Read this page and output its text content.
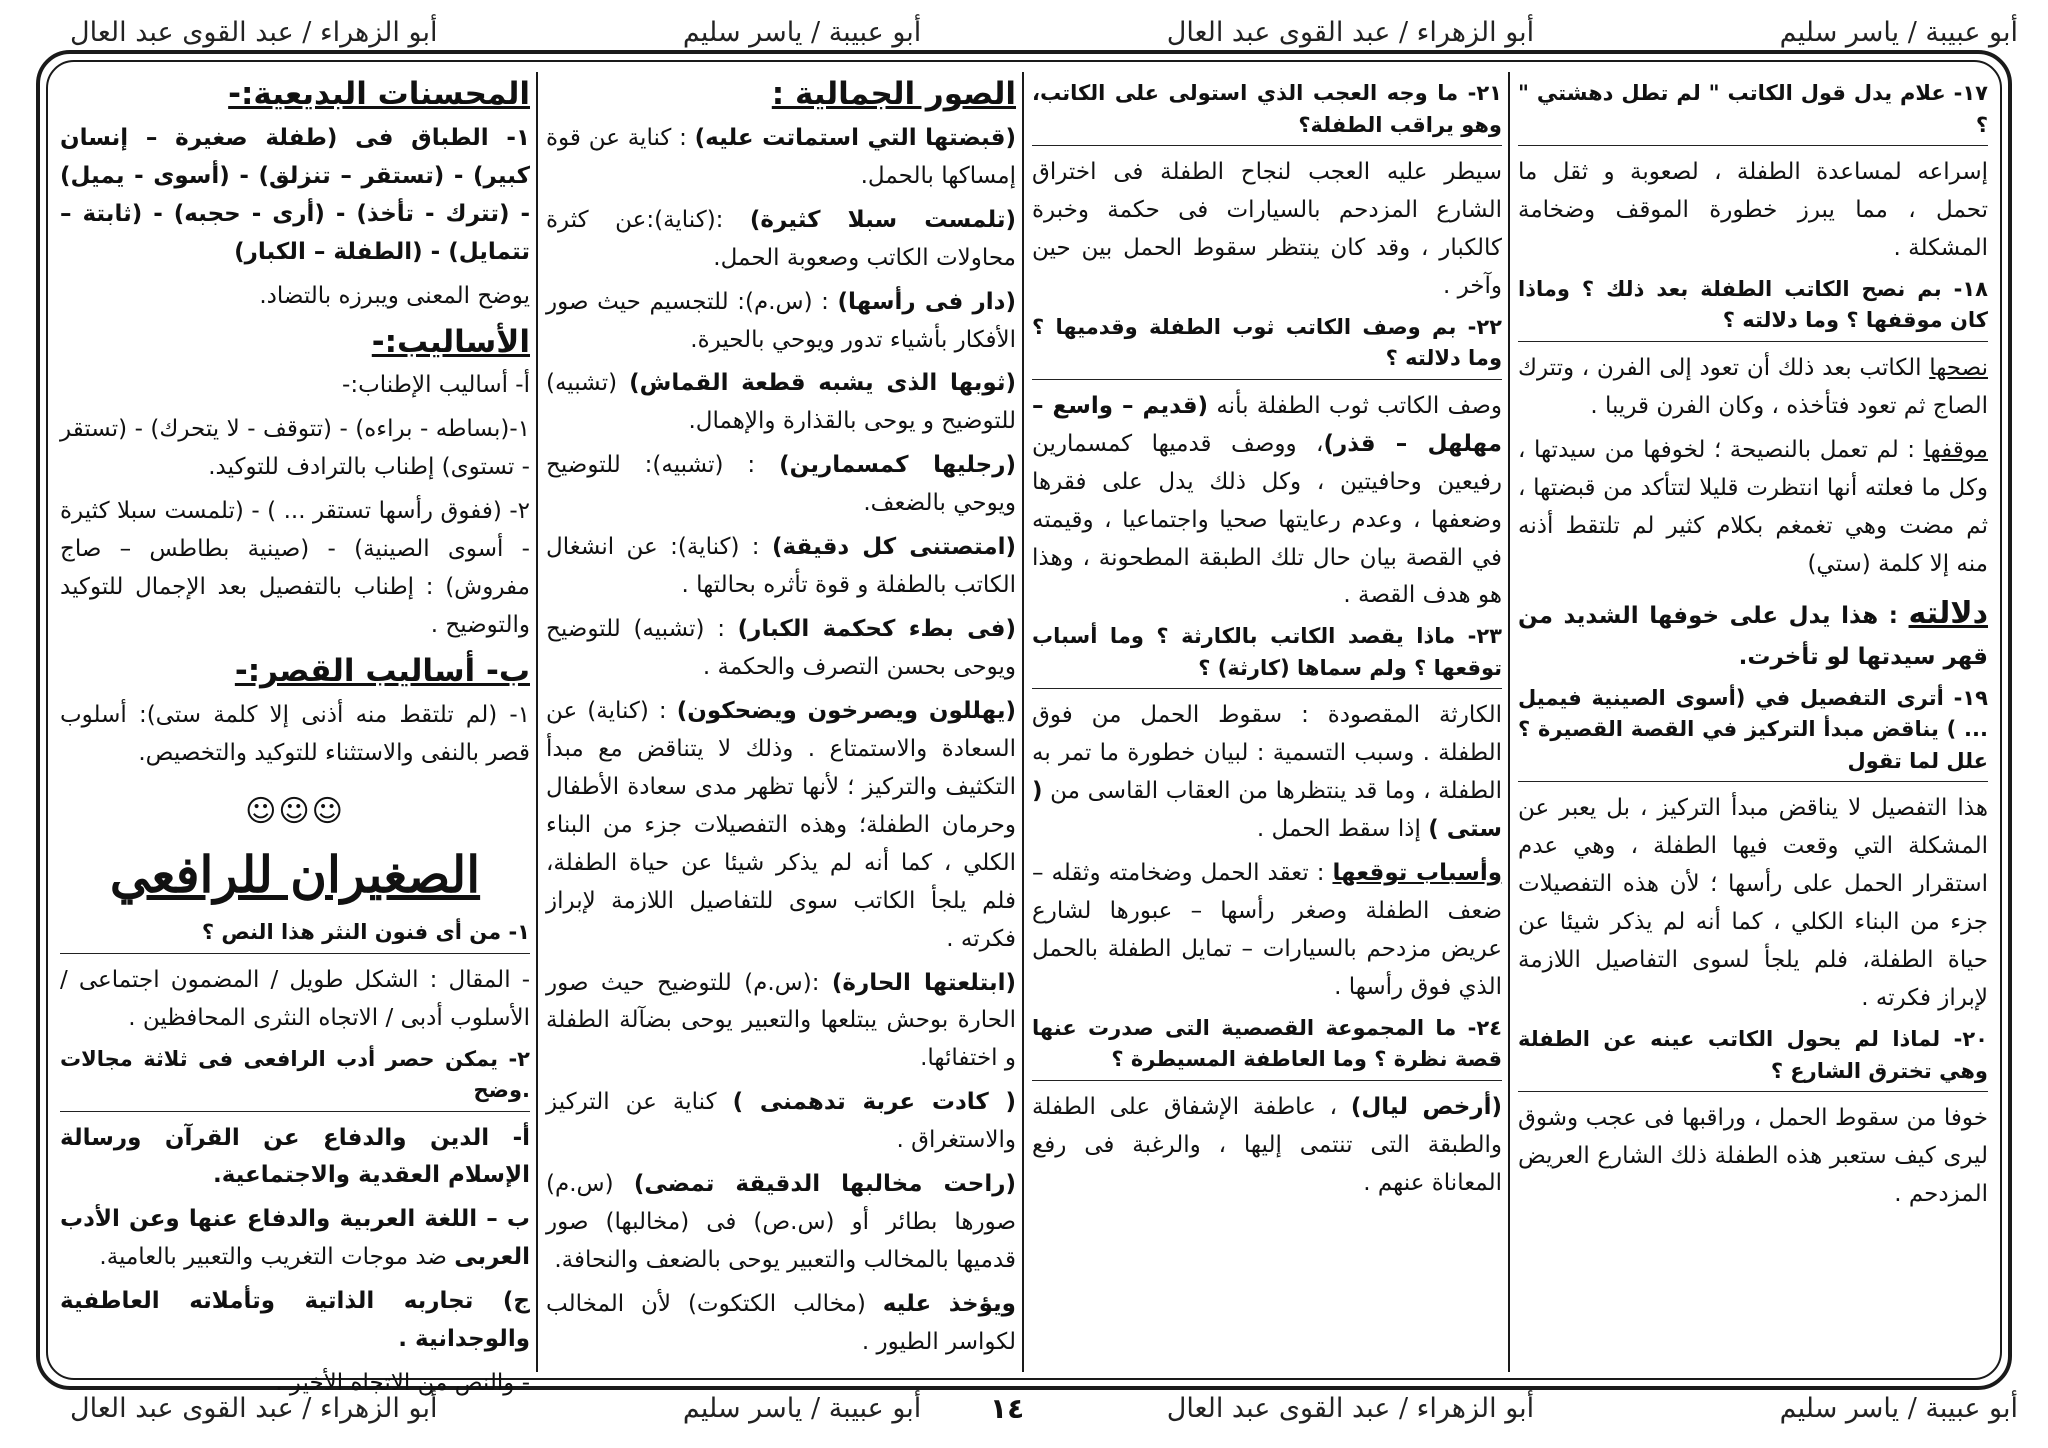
أبو عبيبة / ياسر سليم
أبو الزهراء / عبد القوى عبد العال
أبو عبيبة / ياسر سليم
أبو الزهراء / عبد القوى عبد العال
١٧- علام يدل قول الكاتب " لم تطل دهشتي " ؟

إسراعه لمساعدة الطفلة ، لصعوبة و ثقل ما تحمل ، مما يبرز خطورة الموقف وضخامة المشكلة .

١٨- بم نصح الكاتب الطفلة بعد ذلك ؟ وماذا كان موقفها ؟ وما دلالته ؟

نصحها الكاتب بعد ذلك أن تعود إلى الفرن ، وتترك الصاج ثم تعود فتأخذه ، وكان الفرن قريبا .

موقفها : لم تعمل بالنصيحة ؛ لخوفها من سيدتها ، وكل ما فعلته أنها انتظرت قليلا لتتأكد من قبضتها ، ثم مضت وهي تغمغم بكلام كثير لم تلتقط أذنه منه إلا كلمة (ستي)

دلالته : هذا يدل على خوفها الشديد من قهر سيدتها لو تأخرت.

١٩- أترى التفصيل في (أسوى الصينية فيميل ... ) يناقض مبدأ التركيز في القصة القصيرة ؟ علل لما تقول

هذا التفصيل لا يناقض مبدأ التركيز ، بل يعبر عن المشكلة التي وقعت فيها الطفلة ، وهي عدم استقرار الحمل على رأسها ؛ لأن هذه التفصيلات جزء من البناء الكلي ، كما أنه لم يذكر شيئا عن حياة الطفلة، فلم يلجأ لسوى التفاصيل اللازمة لإبراز فكرته .

٢٠- لماذا لم يحول الكاتب عينه عن الطفلة وهي تخترق الشارع ؟

خوفا من سقوط الحمل ، وراقبها فى عجب وشوق ليرى كيف ستعبر هذه الطفلة ذلك الشارع العريض المزدحم .

٢١- ما وجه العجب الذي استولى على الكاتب، وهو يراقب الطفلة؟

سيطر عليه العجب لنجاح الطفلة فى اختراق الشارع المزدحم بالسيارات فى حكمة وخبرة كالكبار ، وقد كان ينتظر سقوط الحمل بين حين وآخر .

٢٢- بم وصف الكاتب ثوب الطفلة وقدميها ؟ وما دلالته ؟

وصف الكاتب ثوب الطفلة بأنه (قديم – واسع – مهلهل – قذر)، ووصف قدميها كمسمارين رفيعين وحافيتين ، وكل ذلك يدل على فقرها وضعفها ، وعدم رعايتها صحيا واجتماعيا ، وقيمته في القصة بيان حال تلك الطبقة المطحونة ، وهذا هو هدف القصة .

٢٣- ماذا يقصد الكاتب بالكارثة ؟ وما أسباب توقعها ؟ ولم سماها (كارثة) ؟

الكارثة المقصودة : سقوط الحمل من فوق الطفلة . وسبب التسمية : لبيان خطورة ما تمر به الطفلة ، وما قد ينتظرها من العقاب القاسى من ( ستى ) إذا سقط الحمل .

وأسباب توقعها : تعقد الحمل وضخامته وثقله – ضعف الطفلة وصغر رأسها – عبورها لشارع عريض مزدحم بالسيارات – تمايل الطفلة بالحمل الذي فوق رأسها .

٢٤- ما المجموعة القصصية التى صدرت عنها قصة نظرة ؟ وما العاطفة المسيطرة ؟

(أرخص ليال) ، عاطفة الإشفاق على الطفلة والطبقة التى تنتمى إليها ، والرغبة فى رفع المعاناة عنهم .

الصور الجمالية :

(قبضتها التي استماتت عليه) : كناية عن قوة إمساكها بالحمل.

(تلمست سبلا كثيرة) :(كناية):عن كثرة محاولات الكاتب وصعوبة الحمل.

(دار فى رأسها) : (س.م): للتجسيم حيث صور الأفكار بأشياء تدور ويوحي بالحيرة.

(ثوبها الذى يشبه قطعة القماش) (تشبيه) للتوضيح و يوحى بالقذارة والإهمال.

(رجليها كمسمارين) : (تشبيه): للتوضيح ويوحي بالضعف.

(امتصتنى كل دقيقة) : (كناية): عن انشغال الكاتب بالطفلة و قوة تأثره بحالتها .

(فى بطء كحكمة الكبار) : (تشبيه) للتوضيح ويوحى بحسن التصرف والحكمة .

(يهللون ويصرخون ويضحكون) : (كناية) عن السعادة والاستمتاع . وذلك لا يتناقض مع مبدأ التكثيف والتركيز ؛ لأنها تظهر مدى سعادة الأطفال وحرمان الطفلة؛ وهذه التفصيلات جزء من البناء الكلي ، كما أنه لم يذكر شيئا عن حياة الطفلة، فلم يلجأ الكاتب سوى للتفاصيل اللازمة لإبراز فكرته .

(ابتلعتها الحارة) :(س.م) للتوضيح حيث صور الحارة بوحش يبتلعها والتعبير يوحى بضآلة الطفلة و اختفائها.

( كادت عربة تدهمنى ) كناية عن التركيز والاستغراق .

(راحت مخالبها الدقيقة تمضى) (س.م) صورها بطائر أو (س.ص) فى (مخالبها) صور قدميها بالمخالب والتعبير يوحى بالضعف والنحافة.

ويؤخذ عليه (مخالب الكتكوت) لأن المخالب لكواسر الطيور .

المحسنات البديعية:-

١- الطباق فى (طفلة صغيرة – إنسان كبير) - (تستقر – تنزلق) - (أسوى - يميل) - (تترك - تأخذ) - (أرى - حجبه) - (ثابتة – تتمايل) - (الطفلة – الكبار)

يوضح المعنى ويبرزه بالتضاد.

الأساليب:-

أ- أساليب الإطناب:-

١-(بساطه - براءه) - (تتوقف - لا يتحرك) - (تستقر - تستوى) إطناب بالترادف للتوكيد.

٢- (ففوق رأسها تستقر ... ) - (تلمست سبلا كثيرة - أسوى الصينية) - (صينية بطاطس – صاج مفروش) : إطناب بالتفصيل بعد الإجمال للتوكيد والتوضيح .

ب- أساليب القصر:-

١- (لم تلتقط منه أذنى إلا كلمة ستى): أسلوب قصر بالنفى والاستثناء للتوكيد والتخصيص.

☺☺☺
الصغيران للرافعي
١- من أى فنون النثر هذا النص ؟

- المقال : الشكل طويل / المضمون اجتماعى / الأسلوب أدبى / الاتجاه النثرى المحافظين .

٢- يمكن حصر أدب الرافعى فى ثلاثة مجالات .وضح

أ- الدين والدفاع عن القرآن ورسالة الإسلام العقدية والاجتماعية.

ب – اللغة العربية والدفاع عنها وعن الأدب العربى ضد موجات التغريب والتعبير بالعامية.

ج) تجاربه الذاتية وتأملاته العاطفية والوجدانية .

- والنص من الاتجاه الأخير .

١٤	أبو عبيبة / ياسر سليم
أبو الزهراء / عبد القوى عبد العال
أبو عبيبة / ياسر سليم
أبو الزهراء / عبد القوى عبد العال
